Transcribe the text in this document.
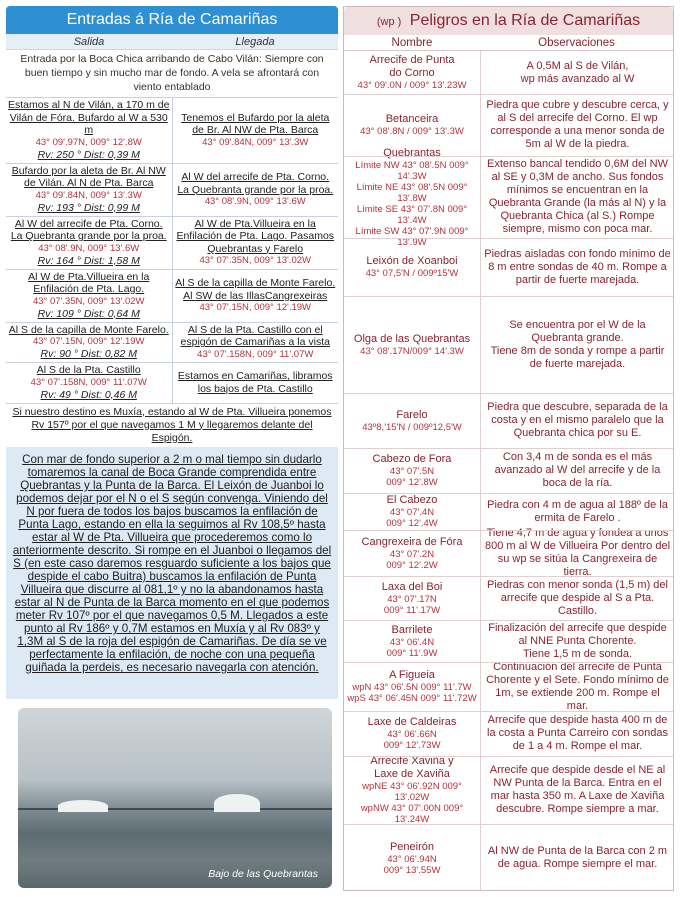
Entradas á Ría de Camariñas
Salida	Llegada
Entrada por la Boca Chica arribando de Cabo Vilán: Siempre con buen tiempo y sin mucho mar de fondo. A vela se afrontará con viento entablado
Estamos al N de Vilán, a 170 m de Vilán de Fóra. Bufardo al W a 530 m
43° 09'.97N, 009° 12'.8W
Rv: 250 ° Dist: 0,39 M
Tenemos el Bufardo por la aleta de Br. Al NW de Pta. Barca
43° 09'.84N, 009° 13'.3W
Bufardo por la aleta de Br. Al NW de Vilán. Al N de Pta. Barca
43° 09'.84N, 009° 13'.3W
Rv: 193 ° Dist: 0,99 M
Al W del arrecife de Pta. Corno. La Quebranta grande por la proa.
43° 08'.9N, 009° 13'.6W
Al W del arrecife de Pta. Corno. La Quebranta grande por la proa.
43° 08'.9N, 009° 13'.6W
Rv: 164 ° Dist: 1,58 M
Al W de Pta.Villueira en la Enfilación de Pta. Lago. Pasamos Quebrantas y Farelo
43° 07'.35N, 009° 13'.02W
Al W de Pta.Villueira en la Enfilación de Pta. Lago.
43° 07'.35N, 009° 13'.02W
Rv: 109 ° Dist: 0,64 M
Al S de la capilla de Monte Farelo. Al SW de las IllasCangrexeiras
43° 07'.15N, 009° 12'.19W
Al S de la capilla de Monte Farelo.
43° 07'.15N, 009° 12'.19W
Rv: 90 ° Dist: 0,82 M
Al S de la Pta. Castillo con el espigón de Camariñas a la vista
43° 07'.158N, 009° 11'.07W
Al S de la Pta. Castillo
43° 07'.158N, 009° 11'.07W
Rv: 49 ° Dist: 0,46 M
Estamos en Camariñas, libramos los bajos de Pta. Castillo
Si nuestro destino es Muxía, estando al W de Pta. Villueira ponemos Rv 157º por el que navegamos 1 M y llegaremos delante del Espigón.
Con mar de fondo superior a 2 m o mal tiempo sin dudarlo tomaremos la canal de Boca Grande comprendida entre Quebrantas y la Punta de la Barca. El Leixón de Juanboi lo podemos dejar por el N o el S según convenga. Viniendo del N por fuera de todos los bajos buscamos la enfilación de Punta Lago, estando en ella la seguimos al Rv 108,5º hasta estar al W de Pta. Villueira que procederemos como lo anteriormente descrito. Si rompe en el Juanboi o llegamos del S (en este caso daremos resguardo suficiente a los bajos que despide el cabo Buitra) buscamos la enfilación de Punta Villueira que discurre al 081,1º y no la abandonamos hasta estar al N de Punta de la Barca momento en el que podemos meter Rv 107º por el que navegamos 0,5 M. Llegados a este punto al Rv 186º y 0,7M estamos en Muxía y al Rv 083º y 1,3M al S de la roja del espigón de Camariñas. De día se ve perfectamente la enfilación, de noche con una pequeña guiñada la perdeis, es necesario navegarla con atención.
Bajo de las Quebrantas
(wp ) Peligros en la Ría de Camariñas
Nombre	Observaciones
Arrecife de Punta
do Corno
43° 09'.0N / 009° 13'.23W
A 0,5M al S de Vilán,
wp más avanzado al W
Betanceira
43° 08'.8N / 009° 13'.3W
Piedra que cubre y descubre cerca, y al S del arrecife del Corno. El wp corresponde a una menor sonda de 5m al W de la piedra.
Quebrantas
Límite NW 43° 08'.5N 009° 14'.3W
Límite NE 43° 08'.5N 009° 13'.8W
Límite SE 43° 07'.8N 009° 13'.4W
Límite SW 43° 07'.9N 009° 13'.9W
Extenso bancal tendido 0,6M del NW al SE y 0,3M de ancho. Sus fondos mínimos se encuentran en la Quebranta Grande (la más al N) y la Quebranta Chica (al S.) Rompe siempre, mismo con poca mar.
Leixón de Xoanboi
43° 07,5'N / 009º15'W
Piedras aisladas con fondo mínimo de 8 m entre sondas de 40 m. Rompe a partir de fuerte marejada.
Olga de las Quebrantas
43° 08'.17N/009° 14'.3W
Se encuentra por el W de la Quebranta grande.
Tiene 8m de sonda y rompe a partir de fuerte marejada.
Farelo
43º8,'15'N / 009º12,5'W
Piedra que descubre, separada de la costa y en el mismo paralelo que la Quebranta chica por su E.
Cabezo de Fora
43° 07'.5N
009° 12'.8W
Con 3,4 m de sonda es el más avanzado al W del arrecife y de la boca de la ría.
El Cabezo
43° 07'.4N
009° 12'.4W
Piedra con 4 m de agua al 188º de la ermita de Farelo .
Cangrexeira de Fóra
43° 07'.2N
009° 12'.2W
Tiene 4,7 m de agua y fondea a unos 800 m al W de Villueira Por dentro del su wp se sitúa la Cangrexeira de tierra.
Laxa del Boi
43° 07'.17N
009° 11'.17W
Piedras con menor sonda (1,5 m) del arrecife que despide al S a Pta. Castillo.
Barrilete
43° 06'.4N
009° 11'.9W
Finalización del arrecife que despide al NNE Punta Chorente.
Tiene 1,5 m de sonda.
A Figueia
wpN 43° 06'.5N 009° 11'.7W
wpS 43° 06'.45N 009° 11'.72W
Continuación del arrecife de Punta Chorente y el Sete. Fondo mínimo de 1m, se extiende 200 m. Rompe el mar.
Laxe de Caldeiras
43° 06'.66N
009° 12'.73W
Arrecife que despide hasta 400 m de la costa a Punta Carreiro con sondas de 1 a 4 m. Rompe el mar.
Arrecife Xaviña y
Laxe de Xaviña
wpNE 43° 06'.92N 009° 13'.02W
wpNW 43° 07'.00N 009° 13'.24W
Arrecife que despide desde el NE al NW Punta de la Barca. Entra en el mar hasta 350 m. A Laxe de Xaviña descubre. Rompe siempre a mar.
Peneirón
43° 06'.94N
009° 13'.55W
Al NW de Punta de la Barca con 2 m de agua. Rompe siempre el mar.
